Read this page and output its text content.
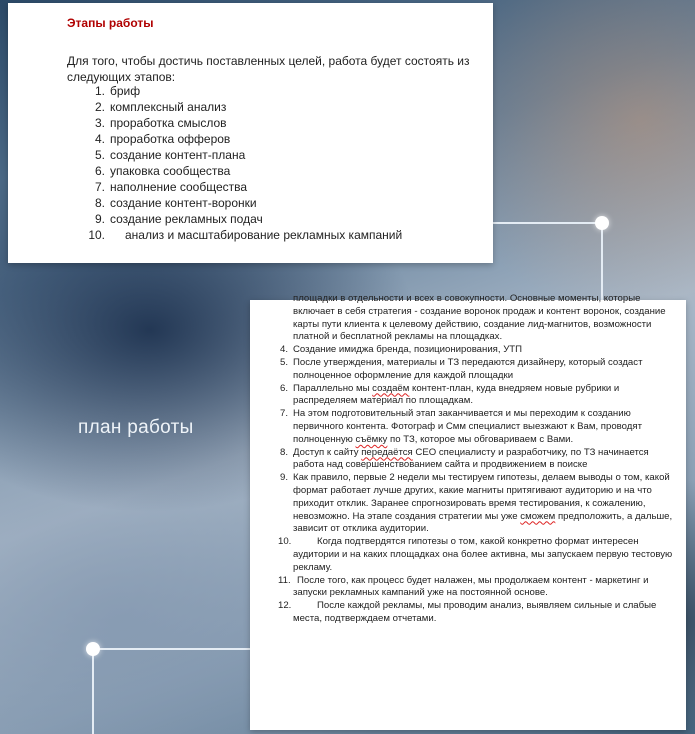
план работы
Этапы работы
Для того, чтобы достичь поставленных целей, работа будет состоять из следующих этапов:
1. бриф
2. комплексный анализ
3. проработка смыслов
4. проработка офферов
5. создание контент-плана
6. упаковка сообщества
7. наполнение сообщества
8. создание контент-воронки
9. создание рекламных подач
10. анализ и масштабирование рекламных кампаний

площадки в отдельности и всех в совокупности. Основные моменты, которые включает в себя стратегия - создание воронок продаж и контент воронок, создание карты пути клиента к целевому действию, создание лид-магнитов, возможности платной и бесплатной рекламы на площадках.

4. Создание имиджа бренда, позиционирования, УТП
5. После утверждения, материалы и ТЗ передаются дизайнеру, который создаст полноценное оформление для каждой площадки
6. Параллельно мы создаём контент-план, куда внедряем новые рубрики и распределяем материал по площадкам.
7. На этом подготовительный этап заканчивается и мы переходим к созданию первичного контента. Фотограф и Смм специалист выезжают к Вам, проводят полноценную съёмку по ТЗ, которое мы обговариваем с Вами.
8. Доступ к сайту передаётся СЕО специалисту и разработчику, по ТЗ начинается работа над совершенствованием сайта и продвижением в поиске
9. Как правило, первые 2 недели мы тестируем гипотезы, делаем выводы о том, какой формат работает лучше других, какие магниты притягивают аудиторию и на что приходит отклик. Заранее спрогнозировать время тестирования, к сожалению, невозможно. На этапе создания стратегии мы уже сможем предположить, а дальше, зависит от отклика аудитории.
10.	Когда подтвердятся гипотезы о том, какой конкретно формат интересен аудитории и на каких площадках она более активна, мы запускаем первую тестовую рекламу.
11. После того, как процесс будет налажен, мы продолжаем контент - маркетинг и запуски рекламных кампаний уже на постоянной основе.
12.	После каждой рекламы, мы проводим анализ, выявляем сильные и слабые места, подтверждаем отчетами.
